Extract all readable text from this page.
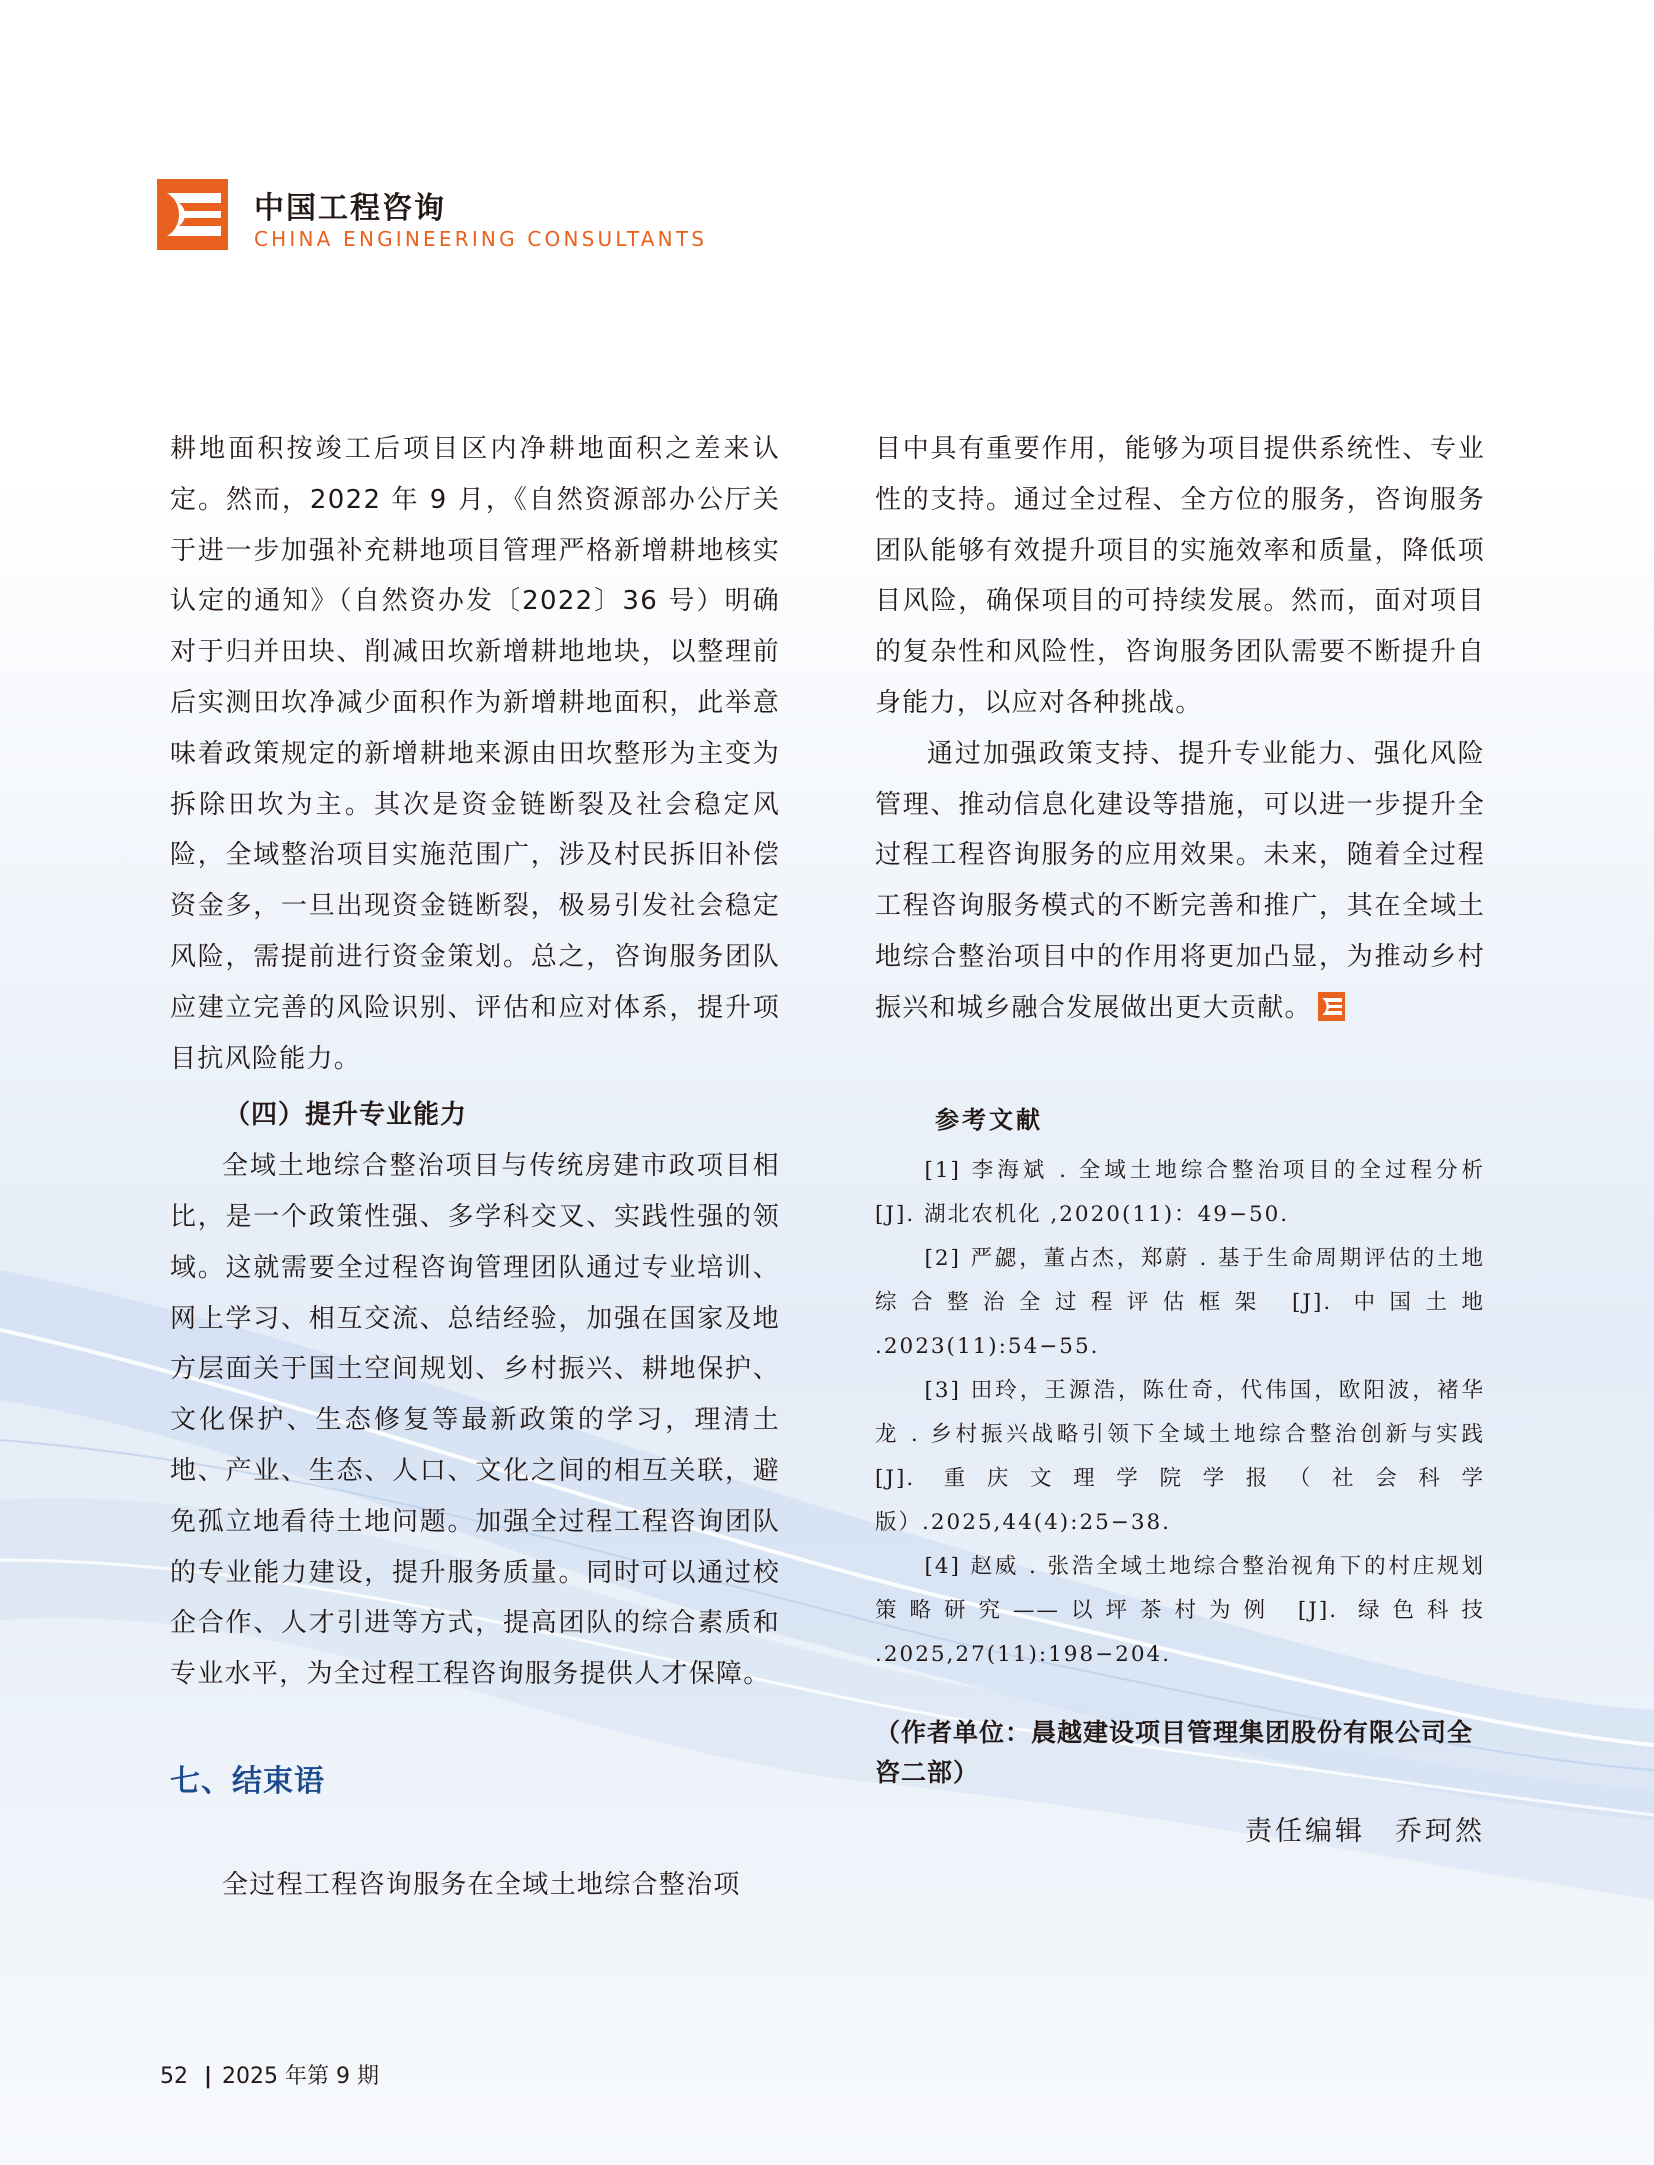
中国工程咨询
CHINA ENGINEERING CONSULTANTS

耕地面积按竣工后项目区内净耕地面积之差来认定。然而，2022 年 9 月，《自然资源部办公厅关于进一步加强补充耕地项目管理严格新增耕地核实认定的通知》（自然资办发〔2022〕36 号）明确对于归并田块、削减田坎新增耕地地块，以整理前后实测田坎净减少面积作为新增耕地面积，此举意味着政策规定的新增耕地来源由田坎整形为主变为拆除田坎为主。其次是资金链断裂及社会稳定风险，全域整治项目实施范围广，涉及村民拆旧补偿资金多，一旦出现资金链断裂，极易引发社会稳定风险，需提前进行资金策划。总之，咨询服务团队应建立完善的风险识别、评估和应对体系，提升项目抗风险能力。

（四）提升专业能力

全域土地综合整治项目与传统房建市政项目相比，是一个政策性强、多学科交叉、实践性强的领域。这就需要全过程咨询管理团队通过专业培训、网上学习、相互交流、总结经验，加强在国家及地方层面关于国土空间规划、乡村振兴、耕地保护、文化保护、生态修复等最新政策的学习，理清土地、产业、生态、人口、文化之间的相互关联，避免孤立地看待土地问题。加强全过程工程咨询团队的专业能力建设，提升服务质量。同时可以通过校企合作、人才引进等方式，提高团队的综合素质和专业水平，为全过程工程咨询服务提供人才保障。

七、结束语

全过程工程咨询服务在全域土地综合整治项

目中具有重要作用，能够为项目提供系统性、专业性的支持。通过全过程、全方位的服务，咨询服务团队能够有效提升项目的实施效率和质量，降低项目风险，确保项目的可持续发展。然而，面对项目的复杂性和风险性，咨询服务团队需要不断提升自身能力，以应对各种挑战。

通过加强政策支持、提升专业能力、强化风险管理、推动信息化建设等措施，可以进一步提升全过程工程咨询服务的应用效果。未来，随着全过程工程咨询服务模式的不断完善和推广，其在全域土地综合整治项目中的作用将更加凸显，为推动乡村振兴和城乡融合发展做出更大贡献。

参考文献

[1] 李海斌 . 全域土地综合整治项目的全过程分析 [J]. 湖北农机化 ,2020(11)：49−50.

[2] 严勰，董占杰，郑蔚 . 基于生命周期评估的土地综合整治全过程评估框架 [J]. 中国土地 .2023(11):54−55.

[3] 田玲，王源浩，陈仕奇，代伟国，欧阳波，褚华龙 . 乡村振兴战略引领下全域土地综合整治创新与实践 [J]. 重庆文理学院学报（社会科学版）.2025,44(4):25−38.

[4] 赵威 . 张浩全域土地综合整治视角下的村庄规划策略研究——以坪茶村为例 [J]. 绿色科技 .2025,27(11):198−204.

（作者单位：晨越建设项目管理集团股份有限公司全咨二部）

责任编辑　乔珂然

52 | 2025 年第 9 期
